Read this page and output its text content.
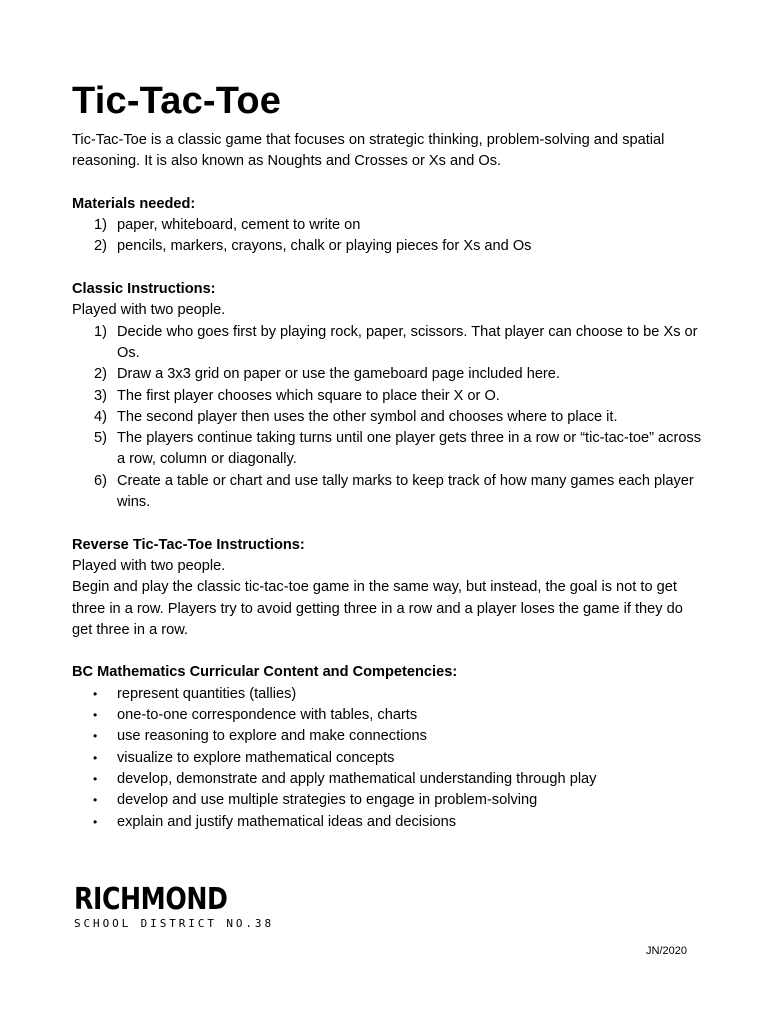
Tic-Tac-Toe

Tic-Tac-Toe is a classic game that focuses on strategic thinking, problem-solving and spatial reasoning. It is also known as Noughts and Crosses or Xs and Os.

Materials needed:

1) paper, whiteboard, cement to write on
2) pencils, markers, crayons, chalk or playing pieces for Xs and Os

Classic Instructions:

Played with two people.

1) Decide who goes first by playing rock, paper, scissors. That player can choose to be Xs or Os.
2) Draw a 3x3 grid on paper or use the gameboard page included here.
3) The first player chooses which square to place their X or O.
4) The second player then uses the other symbol and chooses where to place it.
5) The players continue taking turns until one player gets three in a row or “tic-tac-toe” across a row, column or diagonally.
6) Create a table or chart and use tally marks to keep track of how many games each player wins.

Reverse Tic-Tac-Toe Instructions:

Played with two people.

Begin and play the classic tic-tac-toe game in the same way, but instead, the goal is not to get three in a row. Players try to avoid getting three in a row and a player loses the game if they do get three in a row.

BC Mathematics Curricular Content and Competencies:

• represent quantities (tallies)
• one-to-one correspondence with tables, charts
• use reasoning to explore and make connections
• visualize to explore mathematical concepts
• develop, demonstrate and apply mathematical understanding through play
• develop and use multiple strategies to engage in problem-solving
• explain and justify mathematical ideas and decisions
RICHMOND
SCHOOL DISTRICT NO.38
JN/2020
